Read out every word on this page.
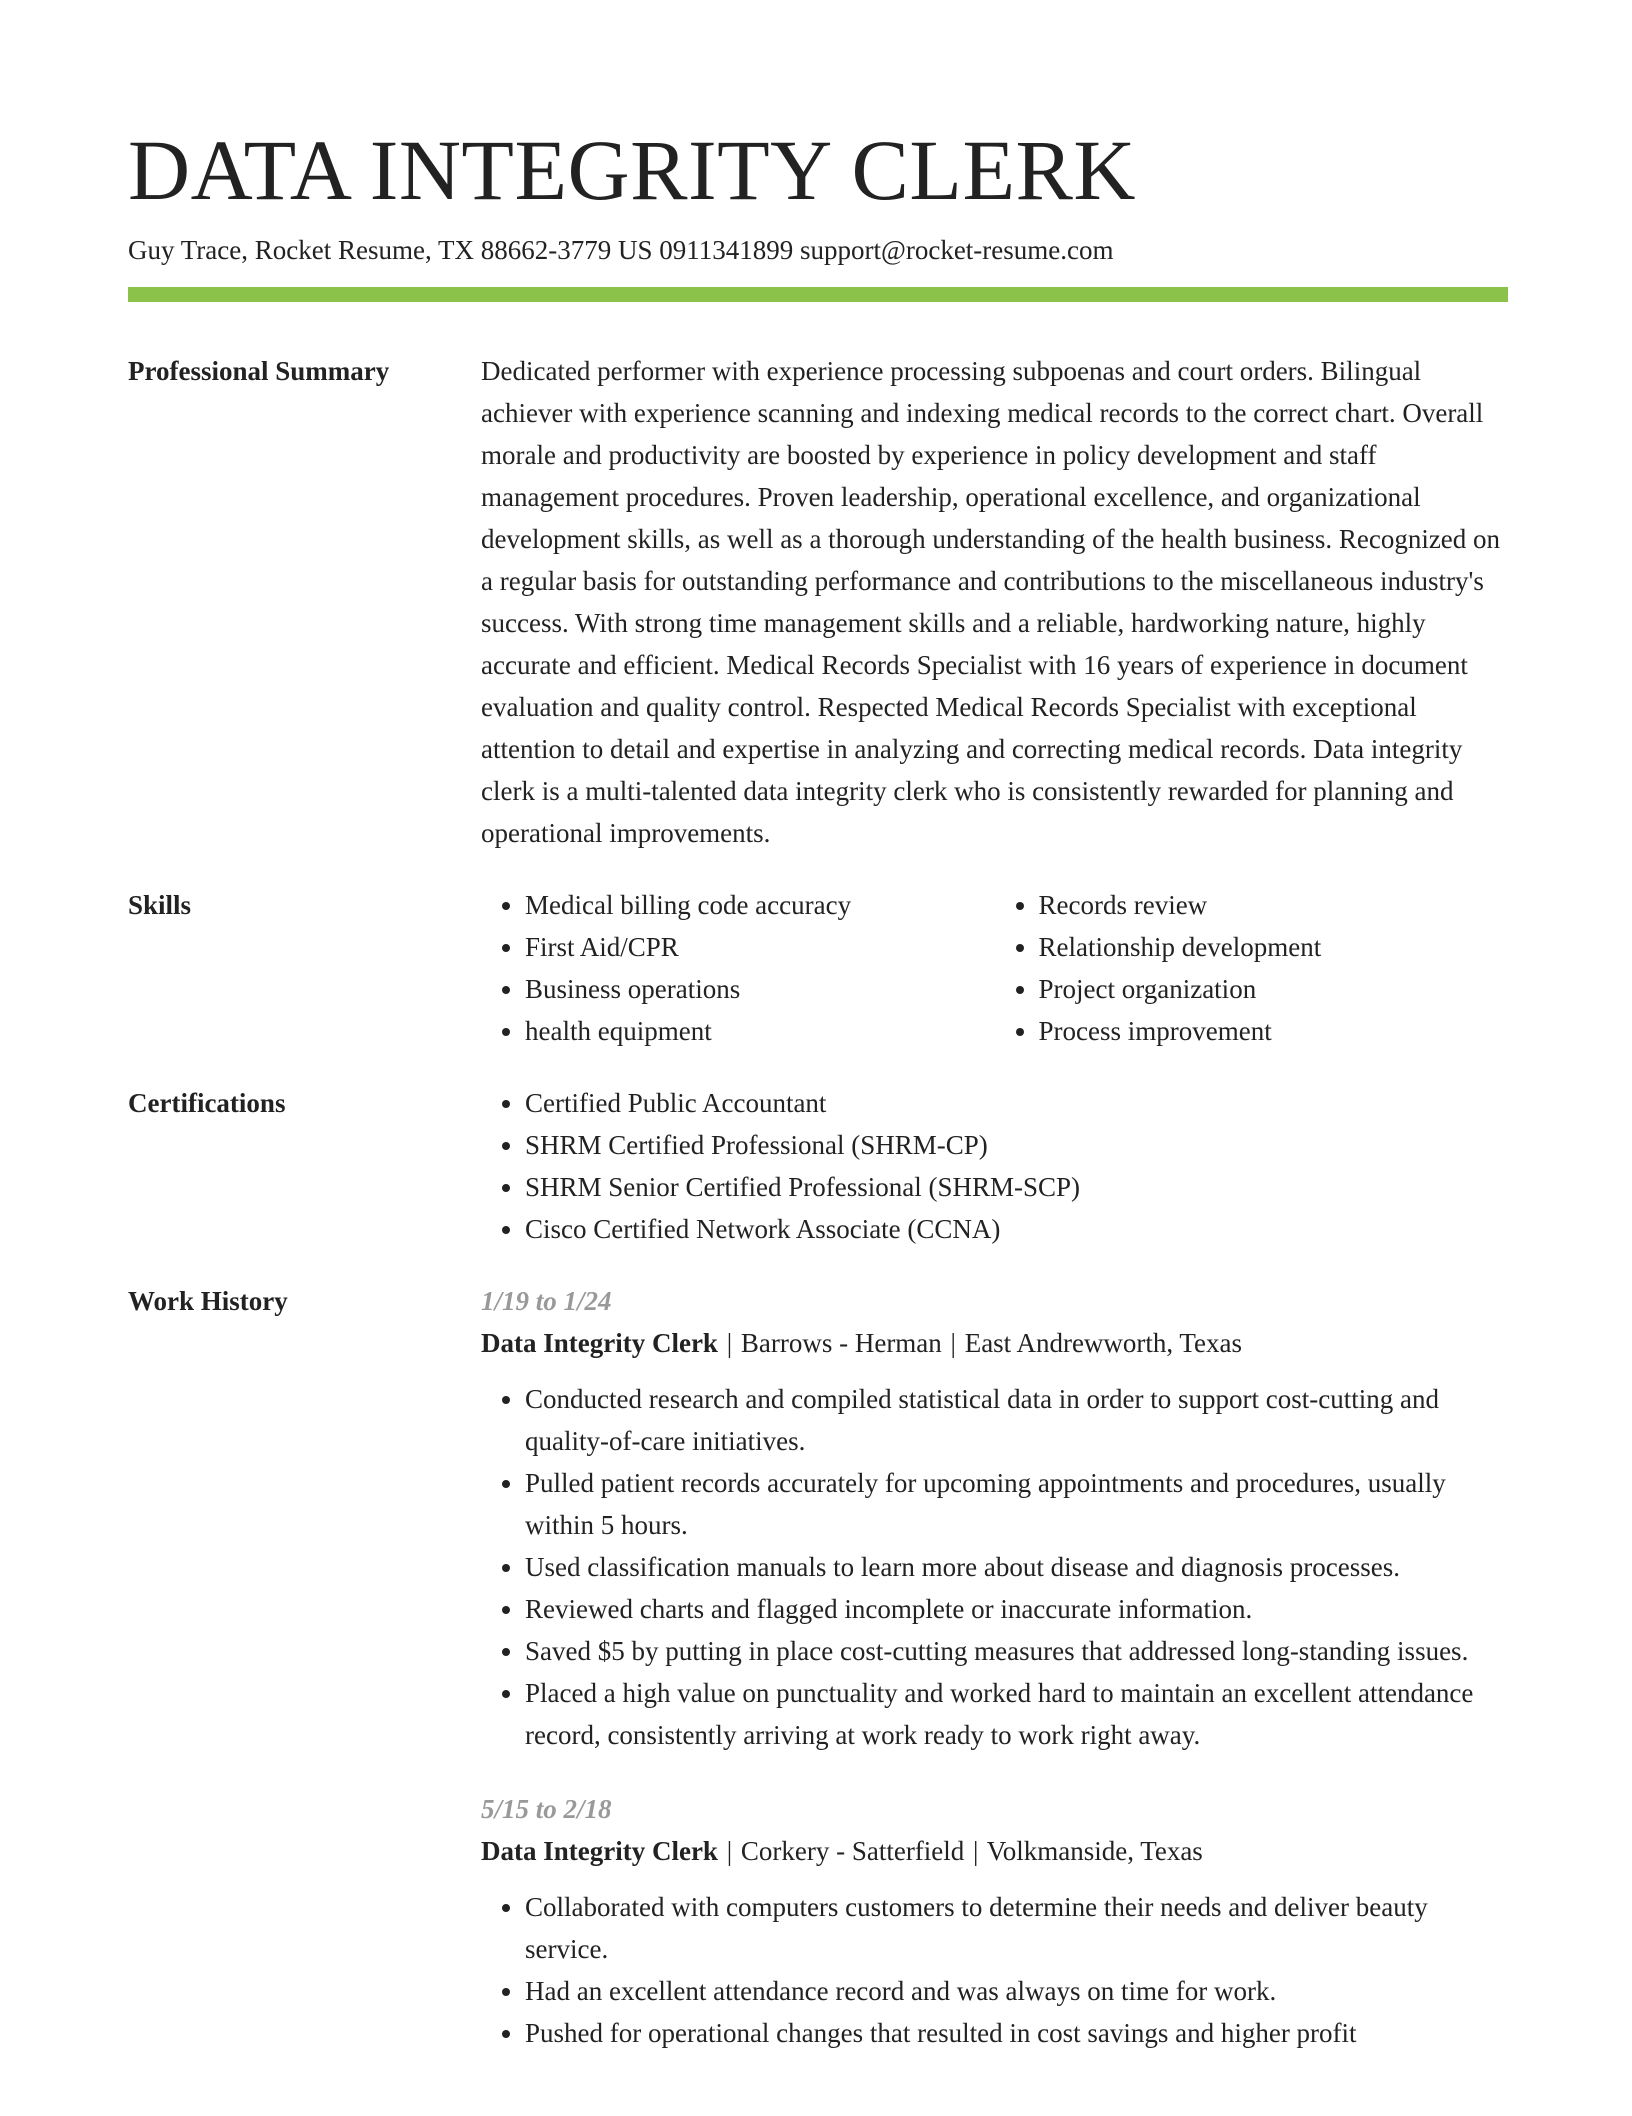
DATA INTEGRITY CLERK
Guy Trace, Rocket Resume, TX 88662-3779 US 0911341899 support@rocket-resume.com
Professional Summary	Dedicated performer with experience processing subpoenas and court orders. Bilingual achiever with experience scanning and indexing medical records to the correct chart. Overall morale and productivity are boosted by experience in policy development and staff management procedures. Proven leadership, operational excellence, and organizational development skills, as well as a thorough understanding of the health business. Recognized on a regular basis for outstanding performance and contributions to the miscellaneous industry's success. With strong time management skills and a reliable, hardworking nature, highly accurate and efficient. Medical Records Specialist with 16 years of experience in document evaluation and quality control. Respected Medical Records Specialist with exceptional attention to detail and expertise in analyzing and correcting medical records. Data integrity clerk is a multi-talented data integrity clerk who is consistently rewarded for planning and operational improvements.

Skills	• Medical billing code accuracy
• First Aid/CPR
• Business operations
• health equipment
• Records review
• Relationship development
• Project organization
• Process improvement
Certifications	• Certified Public Accountant
• SHRM Certified Professional (SHRM-CP)
• SHRM Senior Certified Professional (SHRM-SCP)
• Cisco Certified Network Associate (CCNA)
Work History	1/19 to 1/24
Data Integrity Clerk | Barrows - Herman | East Andrewworth, Texas
• Conducted research and compiled statistical data in order to support cost-cutting and quality-of-care initiatives.
• Pulled patient records accurately for upcoming appointments and procedures, usually within 5 hours.
• Used classification manuals to learn more about disease and diagnosis processes.
• Reviewed charts and flagged incomplete or inaccurate information.
• Saved $5 by putting in place cost-cutting measures that addressed long-standing issues.
• Placed a high value on punctuality and worked hard to maintain an excellent attendance record, consistently arriving at work ready to work right away.
5/15 to 2/18
Data Integrity Clerk | Corkery - Satterfield | Volkmanside, Texas
• Collaborated with computers customers to determine their needs and deliver beauty service.
• Had an excellent attendance record and was always on time for work.
• Pushed for operational changes that resulted in cost savings and higher profit
